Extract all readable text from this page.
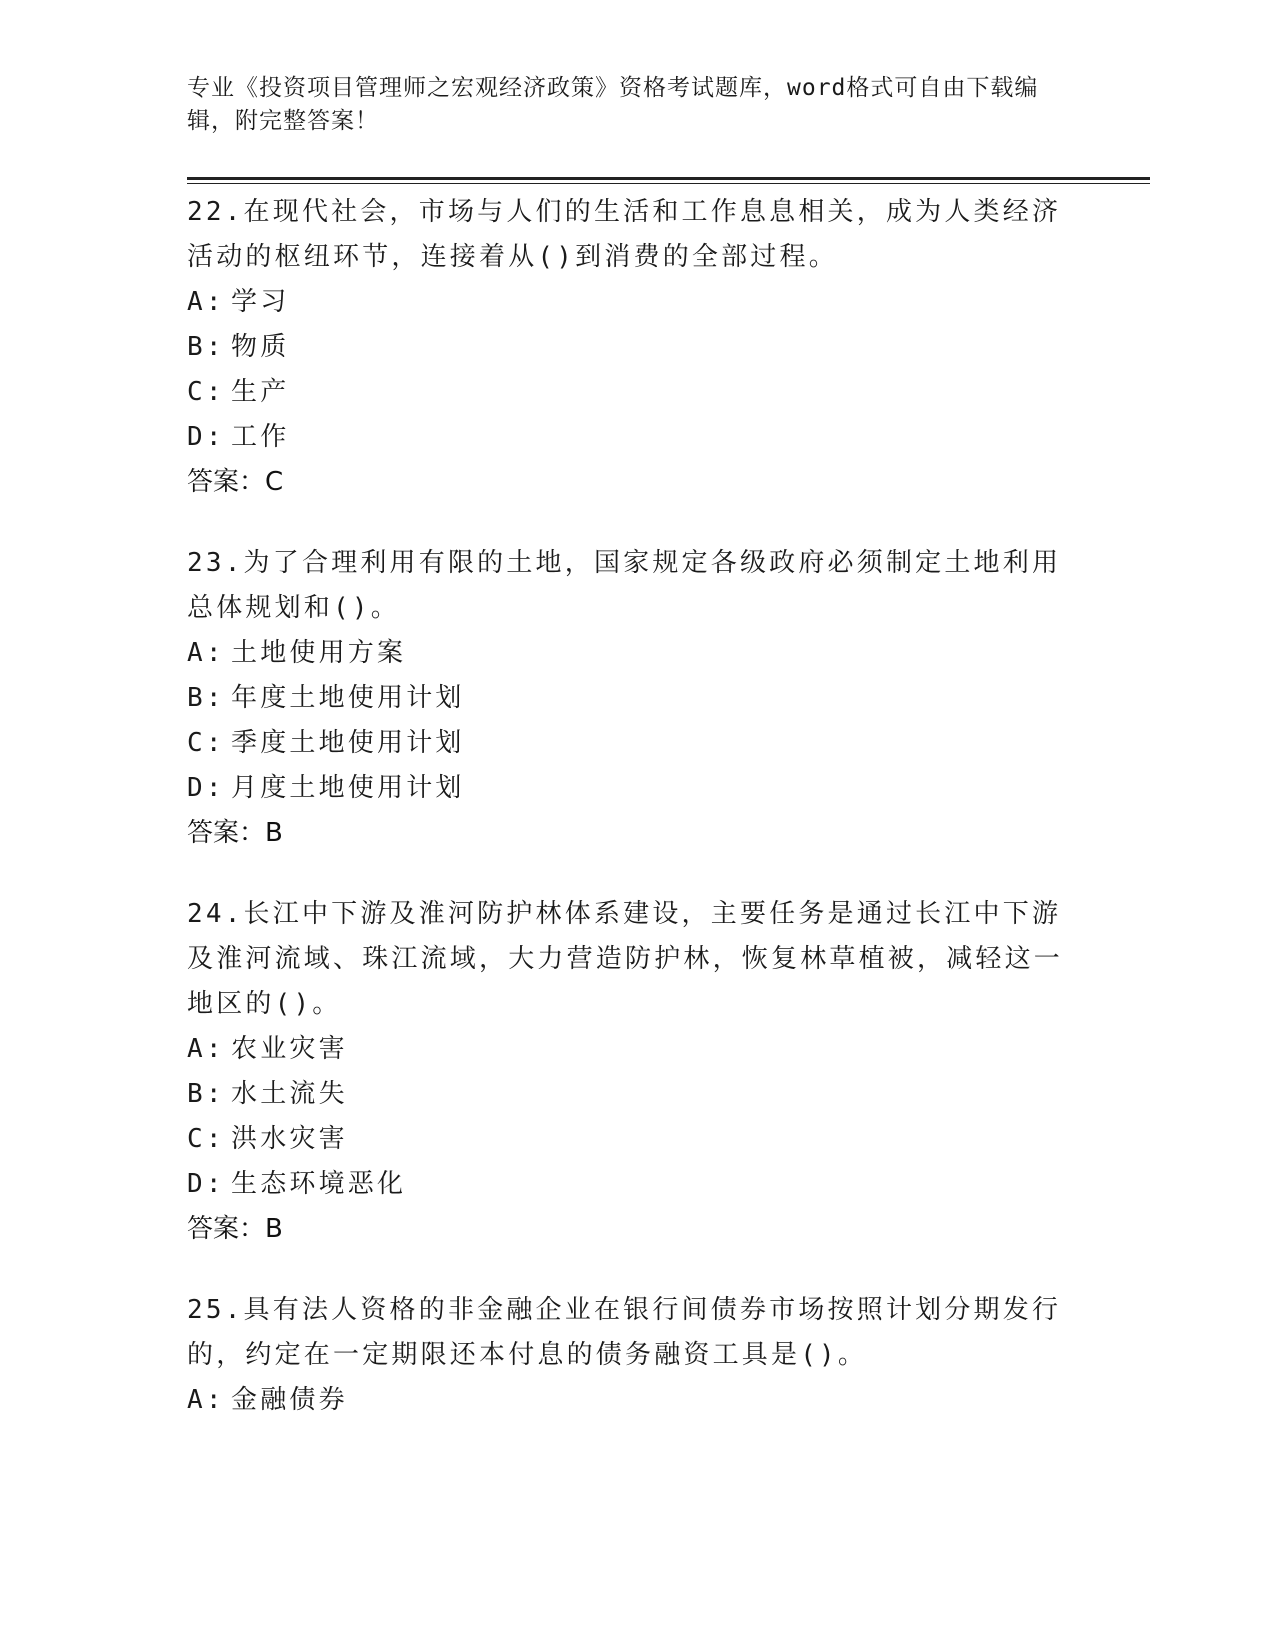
专业《投资项目管理师之宏观经济政策》资格考试题库，word格式可自由下载编辑，附完整答案！

22.在现代社会，市场与人们的生活和工作息息相关，成为人类经济活动的枢纽环节，连接着从()到消费的全部过程。

A: 学习

B: 物质

C: 生产

D: 工作

答案：C

23.为了合理利用有限的土地，国家规定各级政府必须制定土地利用总体规划和()。

A: 土地使用方案

B: 年度土地使用计划

C: 季度土地使用计划

D: 月度土地使用计划

答案：B

24.长江中下游及淮河防护林体系建设，主要任务是通过长江中下游及淮河流域、珠江流域，大力营造防护林，恢复林草植被，减轻这一地区的()。

A: 农业灾害

B: 水土流失

C: 洪水灾害

D: 生态环境恶化

答案：B

25.具有法人资格的非金融企业在银行间债券市场按照计划分期发行的，约定在一定期限还本付息的债务融资工具是()。

A: 金融债券
